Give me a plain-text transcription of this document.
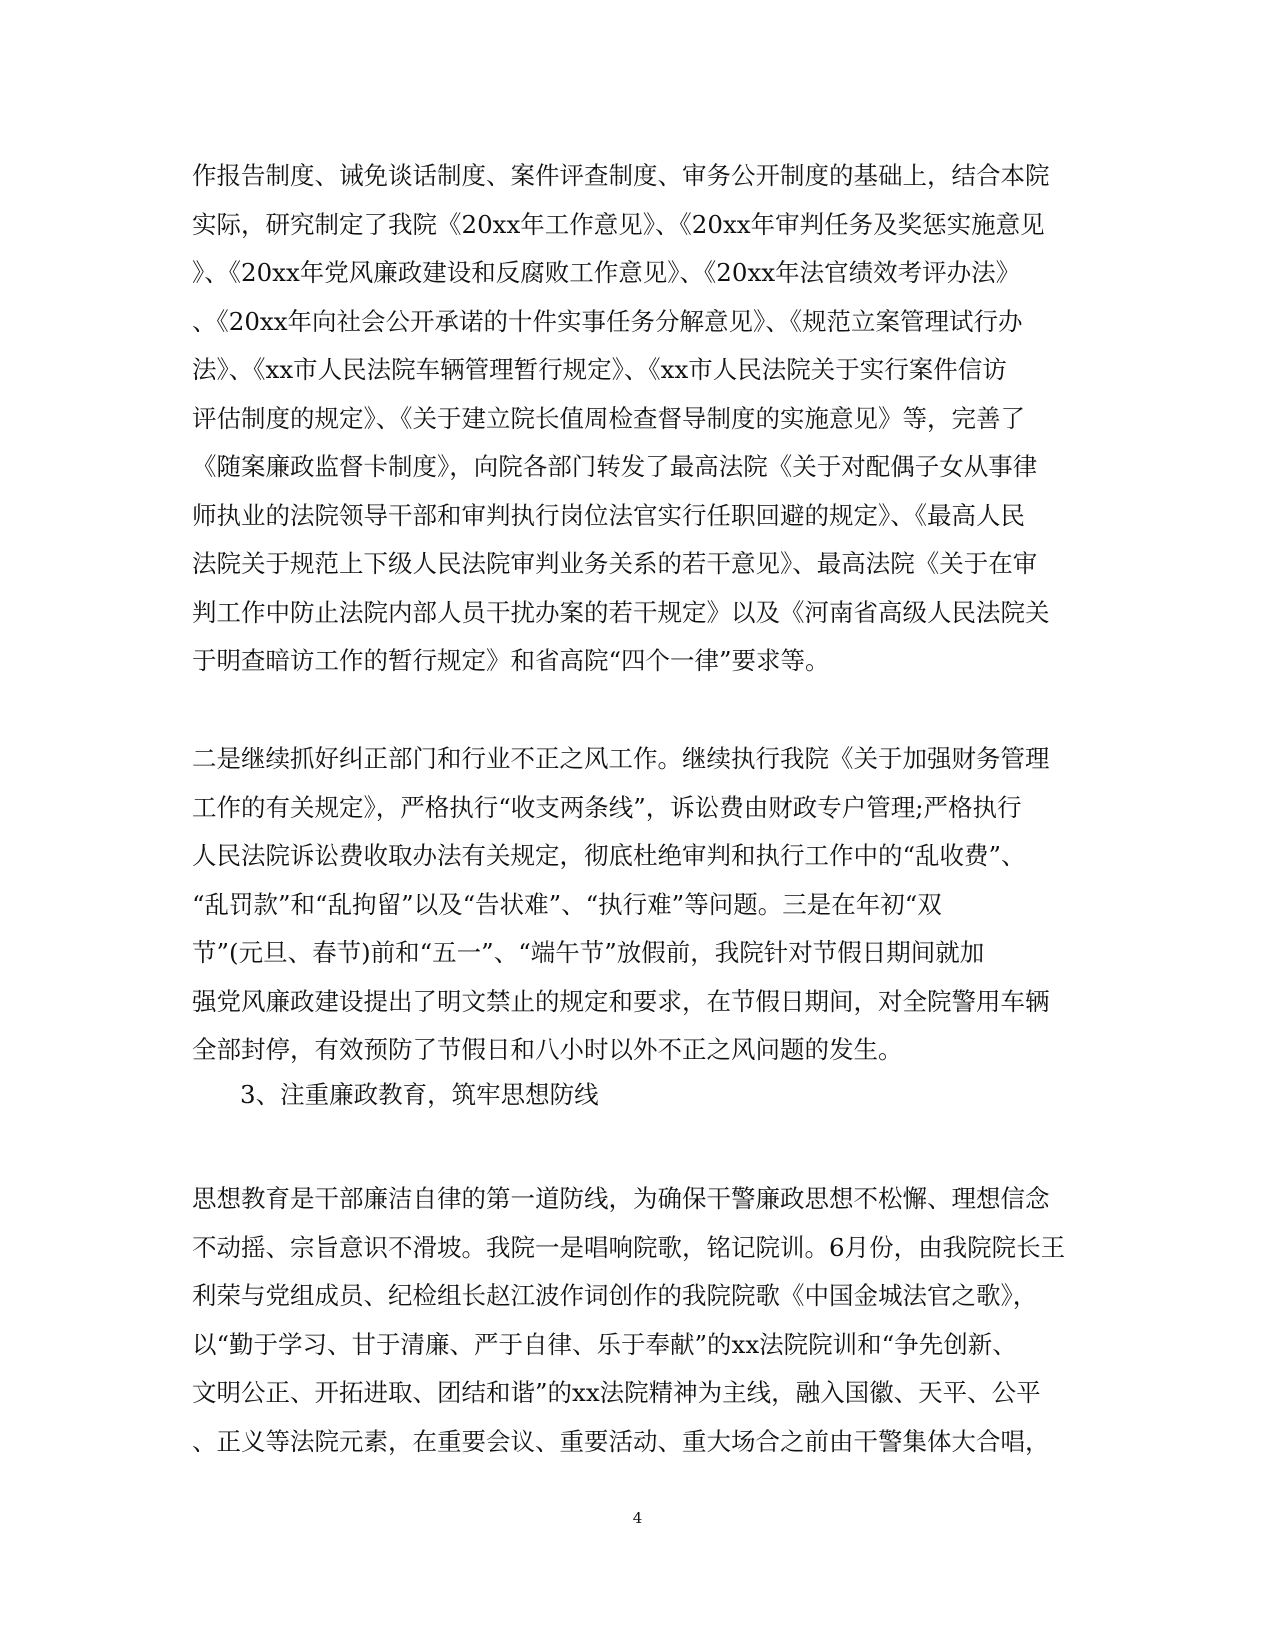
作报告制度、诫免谈话制度、案件评查制度、审务公开制度的基础上，结合本院
实际，研究制定了我院《20xx年工作意见》、《20xx年审判任务及奖惩实施意见
》、《20xx年党风廉政建设和反腐败工作意见》、《20xx年法官绩效考评办法》
、《20xx年向社会公开承诺的十件实事任务分解意见》、《规范立案管理试行办
法》、《xx市人民法院车辆管理暂行规定》、《xx市人民法院关于实行案件信访
评估制度的规定》、《关于建立院长值周检查督导制度的实施意见》等，完善了
《随案廉政监督卡制度》，向院各部门转发了最高法院《关于对配偶子女从事律
师执业的法院领导干部和审判执行岗位法官实行任职回避的规定》、《最高人民
法院关于规范上下级人民法院审判业务关系的若干意见》、最高法院《关于在审
判工作中防止法院内部人员干扰办案的若干规定》以及《河南省高级人民法院关
于明查暗访工作的暂行规定》和省高院“四个一律”要求等。
二是继续抓好纠正部门和行业不正之风工作。继续执行我院《关于加强财务管理
工作的有关规定》，严格执行“收支两条线”，诉讼费由财政专户管理;严格执行
人民法院诉讼费收取办法有关规定，彻底杜绝审判和执行工作中的“乱收费”、
“乱罚款”和“乱拘留”以及“告状难”、“执行难”等问题。三是在年初“双
节”(元旦、春节)前和“五一”、“端午节”放假前，我院针对节假日期间就加
强党风廉政建设提出了明文禁止的规定和要求，在节假日期间，对全院警用车辆
全部封停，有效预防了节假日和八小时以外不正之风问题的发生。
3、注重廉政教育，筑牢思想防线
思想教育是干部廉洁自律的第一道防线，为确保干警廉政思想不松懈、理想信念
不动摇、宗旨意识不滑坡。我院一是唱响院歌，铭记院训。6月份，由我院院长王
利荣与党组成员、纪检组长赵江波作词创作的我院院歌《中国金城法官之歌》，
以“勤于学习、甘于清廉、严于自律、乐于奉献”的xx法院院训和“争先创新、
文明公正、开拓进取、团结和谐”的xx法院精神为主线，融入国徽、天平、公平
、正义等法院元素，在重要会议、重要活动、重大场合之前由干警集体大合唱，
4
